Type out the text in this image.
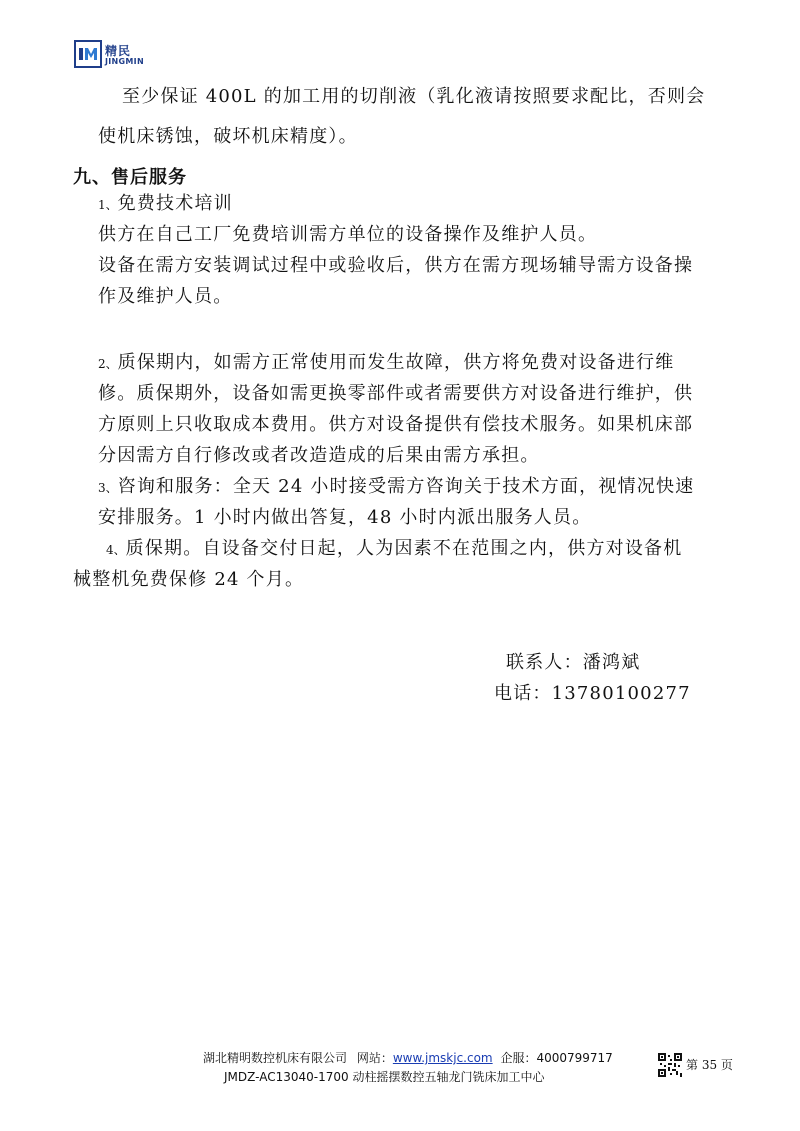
精民
JINGMIN
至少保证 400L 的加工用的切削液（乳化液请按照要求配比，否则会
使机床锈蚀，破坏机床精度）。
九、售后服务
1、免费技术培训
供方在自己工厂免费培训需方单位的设备操作及维护人员。
设备在需方安装调试过程中或验收后，供方在需方现场辅导需方设备操
作及维护人员。
2、质保期内，如需方正常使用而发生故障，供方将免费对设备进行维
修。质保期外，设备如需更换零部件或者需要供方对设备进行维护，供
方原则上只收取成本费用。供方对设备提供有偿技术服务。如果机床部
分因需方自行修改或者改造造成的后果由需方承担。
3、咨询和服务：全天 24 小时接受需方咨询关于技术方面，视情况快速
安排服务。1 小时内做出答复，48 小时内派出服务人员。
4、质保期。自设备交付日起，人为因素不在范围之内，供方对设备机
械整机免费保修 24 个月。
联系人：潘鸿斌
电话：13780100277
湖北精明数控机床有限公司 网站：www.jmskjc.com 企服：4000799717
JMDZ-AC13040-1700 动柱摇摆数控五轴龙门铣床加工中心
第 35 页
